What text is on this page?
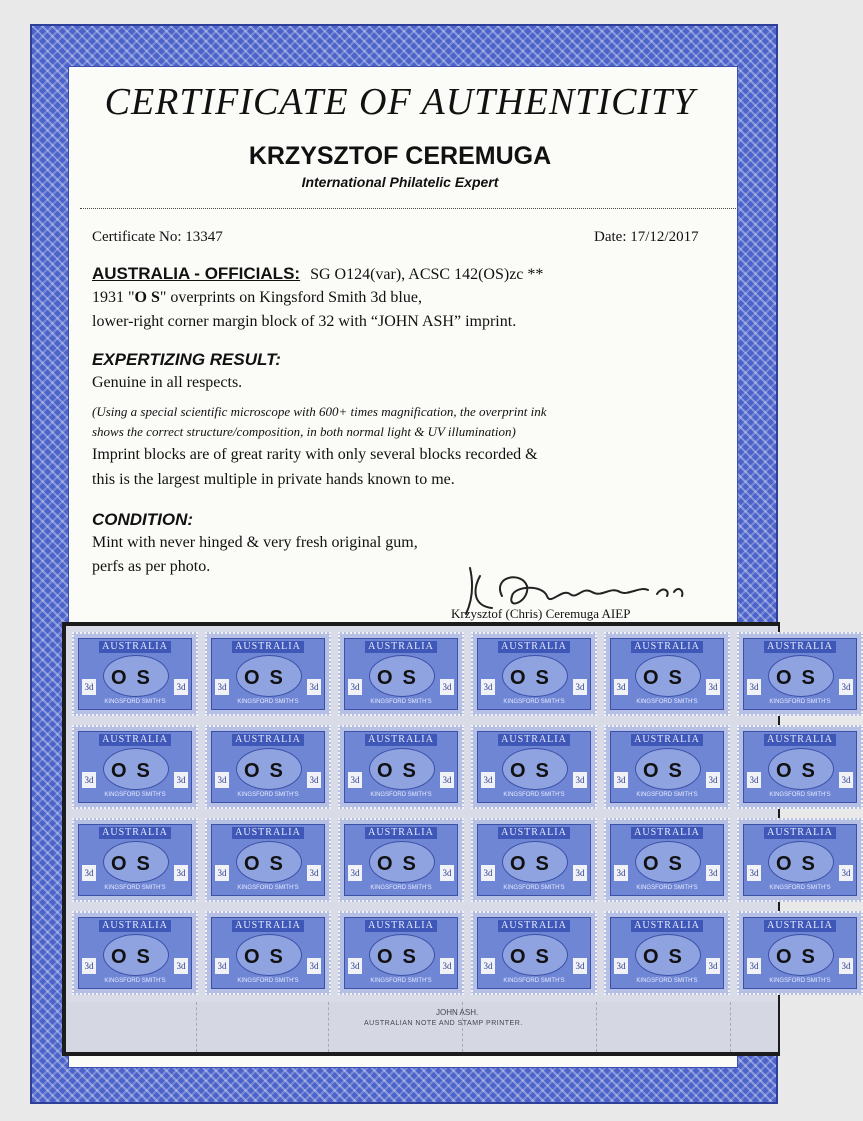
CERTIFICATE OF AUTHENTICITY
KRZYSZTOF CEREMUGA
International Philatelic Expert
Certificate No: 13347	Date: 17/12/2017
AUSTRALIA - OFFICIALS: SG O124(var), ACSC 142(OS)zc **
1931 "O S" overprints on Kingsford Smith 3d blue,
lower-right corner margin block of 32 with “JOHN ASH” imprint.
EXPERTIZING RESULT:
Genuine in all respects.
(Using a special scientific microscope with 600+ times magnification, the overprint ink
shows the correct structure/composition, in both normal light & UV illumination)
Imprint blocks are of great rarity with only several blocks recorded &
this is the largest multiple in private hands known to me.
CONDITION:
Mint with never hinged & very fresh original gum,
perfs as per photo.
Krzysztof (Chris) Ceremuga AIEP
JOHN ASH.
AUSTRALIAN NOTE AND STAMP PRINTER.
AUSTRALIA
OS
3d	3d
KINGSFORD SMITH'S
AUSTRALIA
OS
3d	3d
KINGSFORD SMITH'S
AUSTRALIA
OS
3d	3d
KINGSFORD SMITH'S
AUSTRALIA
OS
3d	3d
KINGSFORD SMITH'S
AUSTRALIA
OS
3d	3d
KINGSFORD SMITH'S
AUSTRALIA
OS
3d	3d
KINGSFORD SMITH'S
AUSTRALIA
OS
3d	3d
KINGSFORD SMITH'S
AUSTRALIA
OS
3d	3d
KINGSFORD SMITH'S
AUSTRALIA
OS
3d	3d
KINGSFORD SMITH'S
AUSTRALIA
OS
3d	3d
KINGSFORD SMITH'S
AUSTRALIA
OS
3d	3d
KINGSFORD SMITH'S
AUSTRALIA
OS
3d	3d
KINGSFORD SMITH'S
AUSTRALIA
OS
3d	3d
KINGSFORD SMITH'S
AUSTRALIA
OS
3d	3d
KINGSFORD SMITH'S
AUSTRALIA
OS
3d	3d
KINGSFORD SMITH'S
AUSTRALIA
OS
3d	3d
KINGSFORD SMITH'S
AUSTRALIA
OS
3d	3d
KINGSFORD SMITH'S
AUSTRALIA
OS
3d	3d
KINGSFORD SMITH'S
AUSTRALIA
OS
3d	3d
KINGSFORD SMITH'S
AUSTRALIA
OS
3d	3d
KINGSFORD SMITH'S
AUSTRALIA
OS
3d	3d
KINGSFORD SMITH'S
AUSTRALIA
OS
3d	3d
KINGSFORD SMITH'S
AUSTRALIA
OS
3d	3d
KINGSFORD SMITH'S
AUSTRALIA
OS
3d	3d
KINGSFORD SMITH'S
